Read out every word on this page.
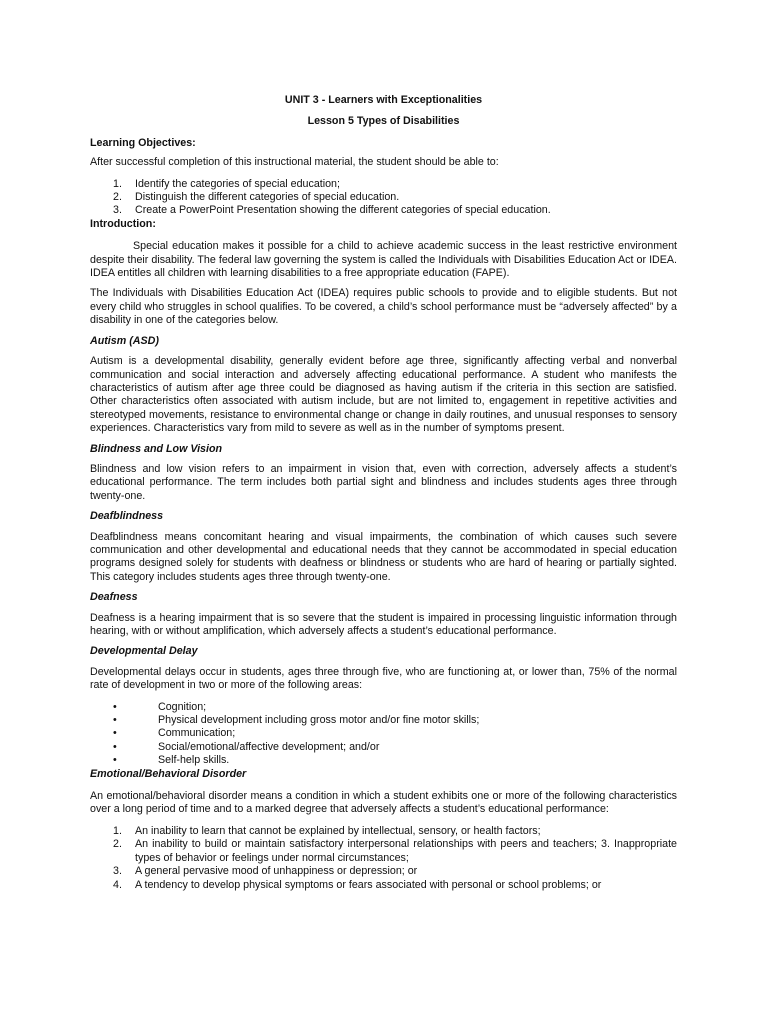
UNIT 3 - Learners with Exceptionalities

Lesson 5 Types of Disabilities

Learning Objectives:

After successful completion of this instructional material, the student should be able to:

1. Identify the categories of special education;
2. Distinguish the different categories of special education.
3. Create a PowerPoint Presentation showing the different categories of special education.

Introduction:

Special education makes it possible for a child to achieve academic success in the least restrictive environment despite their disability. The federal law governing the system is called the Individuals with Disabilities Education Act or IDEA. IDEA entitles all children with learning disabilities to a free appropriate education (FAPE).

The Individuals with Disabilities Education Act (IDEA) requires public schools to provide and to eligible students. But not every child who struggles in school qualifies. To be covered, a child’s school performance must be “adversely affected” by a disability in one of the categories below.

Autism (ASD)

Autism is a developmental disability, generally evident before age three, significantly affecting verbal and nonverbal communication and social interaction and adversely affecting educational performance. A student who manifests the characteristics of autism after age three could be diagnosed as having autism if the criteria in this section are satisfied. Other characteristics often associated with autism include, but are not limited to, engagement in repetitive activities and stereotyped movements, resistance to environmental change or change in daily routines, and unusual responses to sensory experiences. Characteristics vary from mild to severe as well as in the number of symptoms present.

Blindness and Low Vision

Blindness and low vision refers to an impairment in vision that, even with correction, adversely affects a student’s educational performance. The term includes both partial sight and blindness and includes students ages three through twenty-one.

Deafblindness

Deafblindness means concomitant hearing and visual impairments, the combination of which causes such severe communication and other developmental and educational needs that they cannot be accommodated in special education programs designed solely for students with deafness or blindness or students who are hard of hearing or partially sighted. This category includes students ages three through twenty-one.

Deafness

Deafness is a hearing impairment that is so severe that the student is impaired in processing linguistic information through hearing, with or without amplification, which adversely affects a student’s educational performance.

Developmental Delay

Developmental delays occur in students, ages three through five, who are functioning at, or lower than, 75% of the normal rate of development in two or more of the following areas:

•	Cognition;
•	Physical development including gross motor and/or fine motor skills;
•	Communication;
•	Social/emotional/affective development; and/or
•	Self-help skills.

Emotional/Behavioral Disorder

An emotional/behavioral disorder means a condition in which a student exhibits one or more of the following characteristics over a long period of time and to a marked degree that adversely affects a student’s educational performance:

1. An inability to learn that cannot be explained by intellectual, sensory, or health factors;
2. An inability to build or maintain satisfactory interpersonal relationships with peers and teachers; 3. Inappropriate types of behavior or feelings under normal circumstances;
3. A general pervasive mood of unhappiness or depression; or
4. A tendency to develop physical symptoms or fears associated with personal or school problems; or
